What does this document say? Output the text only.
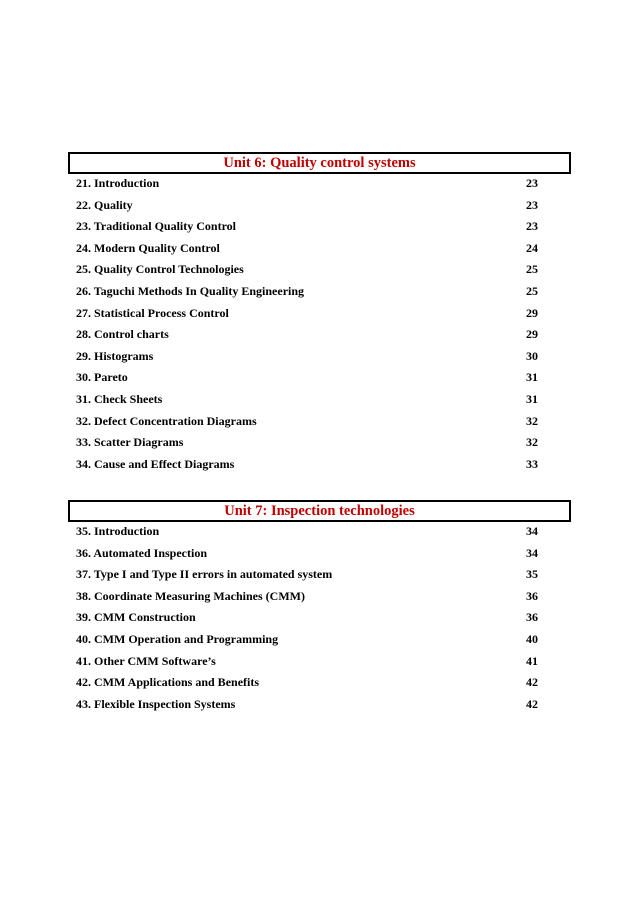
Unit 6: Quality control systems
21. Introduction	23
22. Quality	23
23. Traditional Quality Control	23
24. Modern Quality Control	24
25. Quality Control Technologies	25
26. Taguchi Methods In Quality Engineering	25
27. Statistical Process Control	29
28. Control charts	29
29. Histograms	30
30. Pareto	31
31. Check Sheets	31
32. Defect Concentration Diagrams	32
33. Scatter Diagrams	32
34. Cause and Effect Diagrams	33
Unit 7: Inspection technologies
35. Introduction	34
36. Automated Inspection	34
37. Type I and Type II errors in automated system	35
38. Coordinate Measuring Machines (CMM)	36
39. CMM Construction	36
40. CMM Operation and Programming	40
41. Other CMM Software’s	41
42. CMM Applications and Benefits	42
43. Flexible Inspection Systems	42
